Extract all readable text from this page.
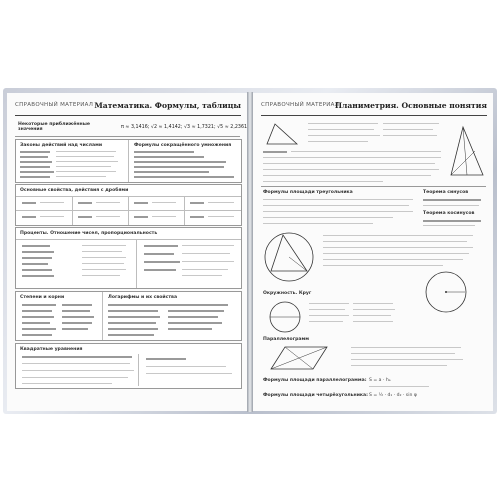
СПРАВОЧНЫЙ МАТЕРИАЛ Математика. Формулы, таблицы
Некоторые приближённые значения	π ≈ 3,1416; √2 ≈ 1,4142; √3 ≈ 1,7321; √5 ≈ 2,2361
Законы действий над числами	Формулы сокращённого умножения
Основные свойства, действия с дробями
Проценты. Отношение чисел, пропорциональность
Степени и корни	Логарифмы и их свойства
Квадратные уравнения
СПРАВОЧНЫЙ МАТЕРИАЛ
Планиметрия. Основные понятия
Формулы площади треугольника	Теорема синусов
Теорема косинусов
Окружность. Круг
Параллелограмм
Формулы площади параллелограмма: S = a · hₐ
Формулы площади четырёхугольника: S = ½ · d₁ · d₂ · sin φ
